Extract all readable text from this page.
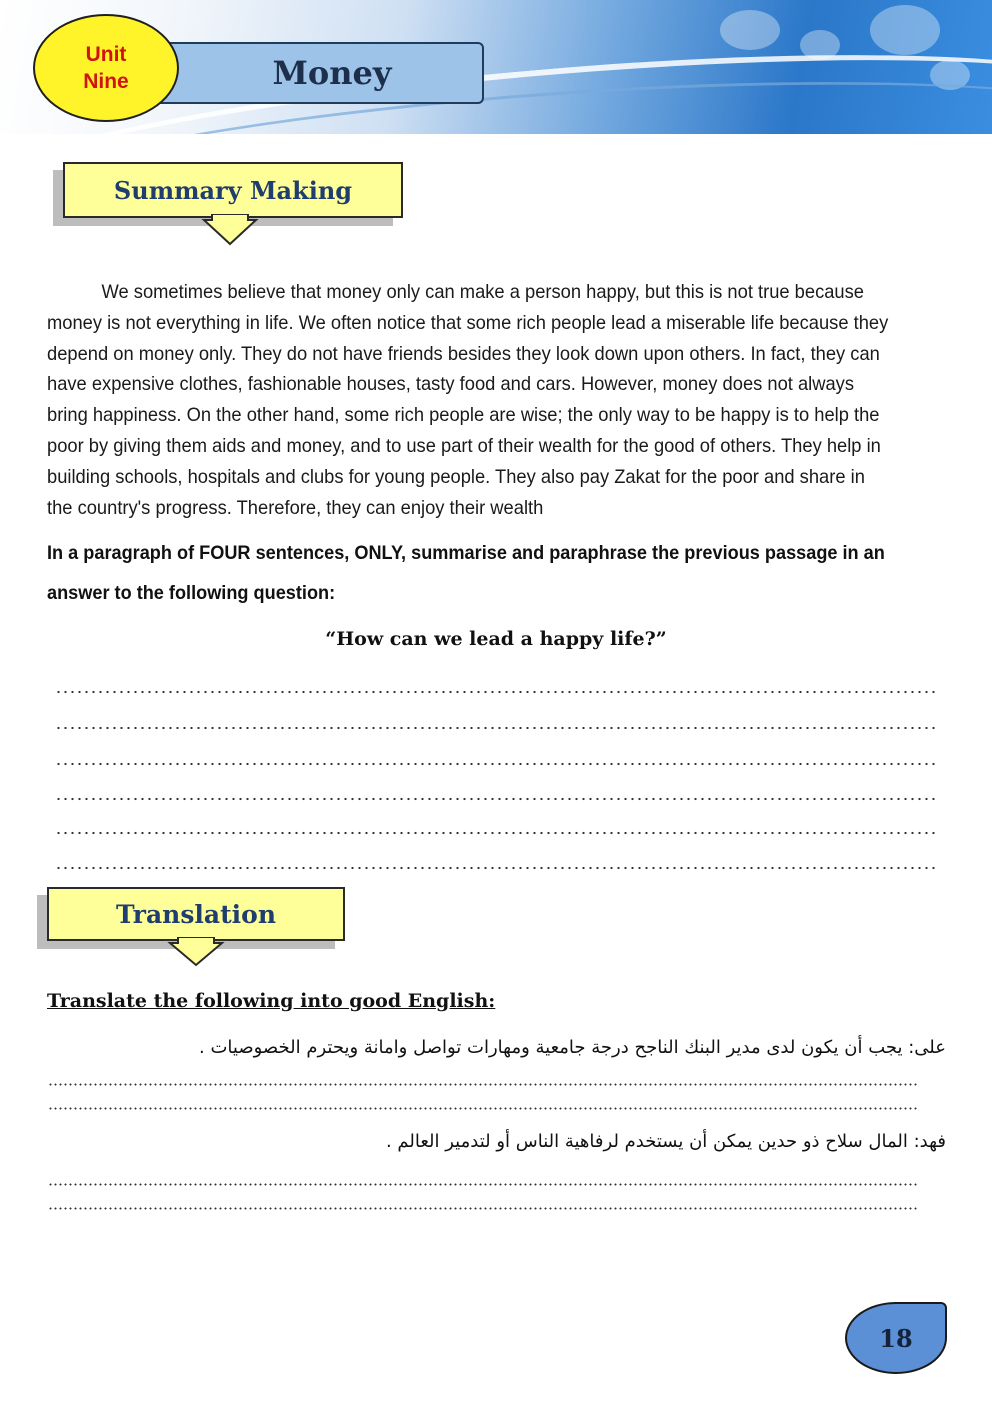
Money
Unit
Nine
Summary Making
We sometimes believe that money only can make a person happy, but this is not true because money is not everything in life. We often notice that some rich people lead a miserable life because they depend on money only. They do not have friends besides they look down upon others. In fact, they can have expensive clothes, fashionable houses, tasty food and cars. However, money does not always bring happiness. On the other hand, some rich people are wise; the only way to be happy is to help the poor by giving them aids and money, and to use part of their wealth for the good of others. They help in building schools, hospitals and clubs for young people. They also pay Zakat for the poor and share in the country's progress. Therefore, they can enjoy their wealth
In a paragraph of FOUR sentences, ONLY, summarise and paraphrase the previous passage in an answer to the following question:
“How can we lead a happy life?”
Translation
Translate the following into good English:
على: يجب أن يكون لدى مدير البنك الناجح درجة جامعية ومهارات تواصل وامانة ويحترم الخصوصيات .
فهد: المال سلاح ذو حدين يمكن أن يستخدم لرفاهية الناس أو لتدمير العالم .
18
